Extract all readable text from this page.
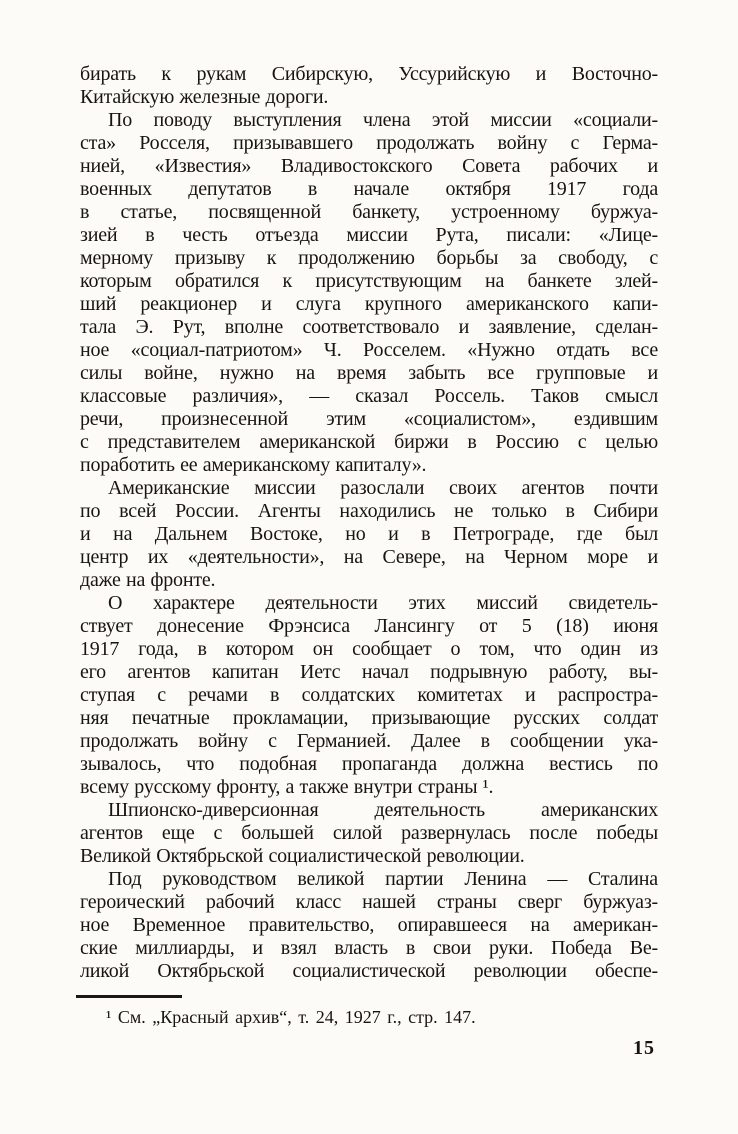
бирать к рукам Сибирскую, Уссурийскую и Восточно-
Китайскую железные дороги.
По поводу выступления члена этой миссии «социали-
ста» Росселя, призывавшего продолжать войну с Герма-
нией, «Известия» Владивостокского Совета рабочих и
военных депутатов в начале октября 1917 года
в статье, посвященной банкету, устроенному буржуа-
зией в честь отъезда миссии Рута, писали: «Лице-
мерному призыву к продолжению борьбы за свободу, с
которым обратился к присутствующим на банкете злей-
ший реакционер и слуга крупного американского капи-
тала Э. Рут, вполне соответствовало и заявление, сделан-
ное «социал-патриотом» Ч. Росселем. «Нужно отдать все
силы войне, нужно на время забыть все групповые и
классовые различия», — сказал Россель. Таков смысл
речи, произнесенной этим «социалистом», ездившим
с представителем американской биржи в Россию с целью
поработить ее американскому капиталу».
Американские миссии разослали своих агентов почти
по всей России. Агенты находились не только в Сибири
и на Дальнем Востоке, но и в Петрограде, где был
центр их «деятельности», на Севере, на Черном море и
даже на фронте.
О характере деятельности этих миссий свидетель-
ствует донесение Фрэнсиса Лансингу от 5 (18) июня
1917 года, в котором он сообщает о том, что один из
его агентов капитан Иетс начал подрывную работу, вы-
ступая с речами в солдатских комитетах и распростра-
няя печатные прокламации, призывающие русских солдат
продолжать войну с Германией. Далее в сообщении ука-
зывалось, что подобная пропаганда должна вестись по
всему русскому фронту, а также внутри страны ¹.
Шпионско-диверсионная деятельность американских
агентов еще с большей силой развернулась после победы
Великой Октябрьской социалистической революции.
Под руководством великой партии Ленина — Сталина
героический рабочий класс нашей страны сверг буржуаз-
ное Временное правительство, опиравшееся на американ-
ские миллиарды, и взял власть в свои руки. Победа Ве-
ликой Октябрьской социалистической революции обеспе-
¹ См. „Красный архив“, т. 24, 1927 г., стр. 147.
15
